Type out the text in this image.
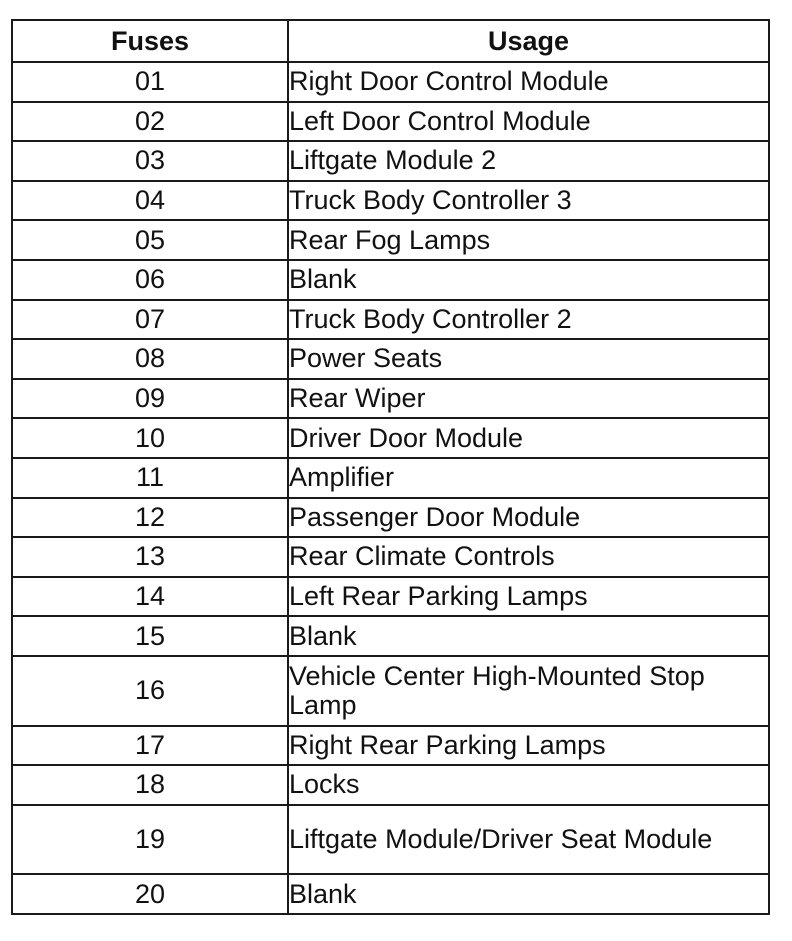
Fuses	Usage
01	Right Door Control Module
02	Left Door Control Module
03	Liftgate Module 2
04	Truck Body Controller 3
05	Rear Fog Lamps
06	Blank
07	Truck Body Controller 2
08	Power Seats
09	Rear Wiper
10	Driver Door Module
11	Amplifier
12	Passenger Door Module
13	Rear Climate Controls
14	Left Rear Parking Lamps
15	Blank
16	Vehicle Center High-Mounted Stop Lamp
17	Right Rear Parking Lamps
18	Locks
19	Liftgate Module/Driver Seat Module
20	Blank
